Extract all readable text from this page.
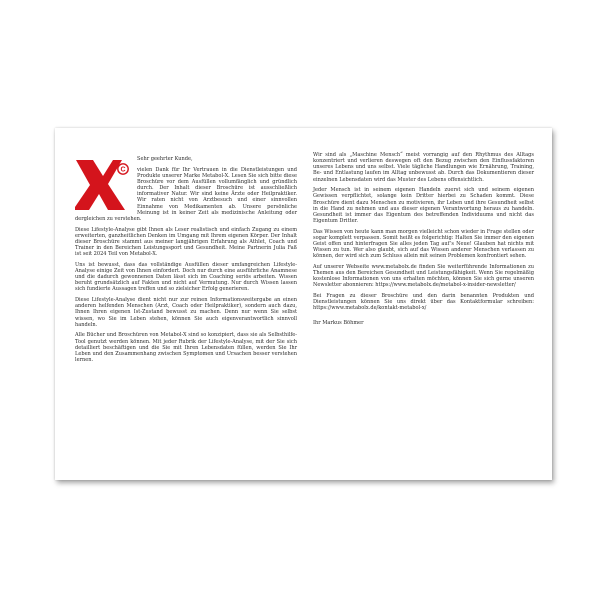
C

Sehr geehrter Kunde,

vielen Dank für Ihr Vertrauen in die Dienstleistungen und Produkte unserer Marke Metabol-X. Lesen Sie sich bitte diese Broschüre vor dem Ausfüllen vollumfänglich und gründlich durch. Der Inhalt dieser Broschüre ist ausschließlich informativer Natur. Wir sind keine Ärzte oder Heilpraktiker. Wir raten nicht von Arztbesuch und einer sinnvollen Einnahme von Medikamenten ab. Unsere persönliche Meinung ist in keiner Zeit als medizinische Anleitung oder dergleichen zu verstehen.

Diese Lifestyle-Analyse gibt Ihnen als Leser realistisch und einfach Zugang zu einem erweiterten, ganzheitlichen Denken im Umgang mit Ihrem eigenen Körper. Der Inhalt dieser Broschüre stammt aus meiner langjährigen Erfahrung als Athlet, Coach und Trainer in den Bereichen Leistungssport und Gesundheit. Meine Partnerin Julia Faß ist seit 2024 Teil von Metabol-X.

Uns ist bewusst, dass das vollständige Ausfüllen dieser umfangreichen Lifestyle-Analyse einige Zeit von Ihnen einfordert. Doch nur durch eine ausführliche Anamnese und die dadurch gewonnenen Daten lässt sich im Coaching seriös arbeiten. Wissen beruht grundsätzlich auf Fakten und nicht auf Vermutung. Nur durch Wissen lassen sich fundierte Aussagen treffen und so zielsicher Erfolg generieren.

Diese Lifestyle-Analyse dient nicht nur zur reinen Informationsweitergabe an einen anderen helfenden Menschen (Arzt, Coach oder Heilpraktiker), sondern auch dazu, Ihnen Ihren eigenen Ist-Zustand bewusst zu machen. Denn nur wenn Sie selbst wissen, wo Sie im Leben stehen, können Sie auch eigenverantwortlich sinnvoll handeln.

Alle Bücher und Broschüren von Metabol-X sind so konzipiert, dass sie als Selbsthilfe-Tool genutzt werden können. Mit jeder Rubrik der Lifestyle-Analyse, mit der Sie sich detailliert beschäftigen und die Sie mit Ihren Lebensdaten füllen, werden Sie Ihr Leben und den Zusammenhang zwischen Symptomen und Ursachen besser verstehen lernen.

Wir sind als „Maschine Mensch“ meist vorrangig auf den Rhythmus des Alltags konzentriert und verlieren deswegen oft den Bezug zwischen den Einflussfaktoren unseres Lebens und uns selbst. Viele tägliche Handlungen wie Ernährung, Training, Be- und Entlastung laufen im Alltag unbewusst ab. Durch das Dokumentieren dieser einzelnen Lebensdaten wird das Muster des Lebens offensichtlich.

Jeder Mensch ist in seinem eigenen Handeln zuerst sich und seinem eigenen Gewissen verpflichtet, solange kein Dritter hierbei zu Schaden kommt. Diese Broschüre dient dazu Menschen zu motivieren, ihr Leben und ihre Gesundheit selbst in die Hand zu nehmen und aus dieser eigenen Verantwortung heraus zu handeln. Gesundheit ist immer das Eigentum des betreffenden Individuums und nicht das Eigentum Dritter.

Das Wissen von heute kann man morgen vielleicht schon wieder in Frage stellen oder sogar komplett verpassen. Somit heißt es folgerichtig: Halten Sie immer den eigenen Geist offen und hinterfragen Sie alles jeden Tag auf’s Neue! Glauben hat nichts mit Wissen zu tun. Wer also glaubt, sich auf das Wissen anderer Menschen verlassen zu können, der wird sich zum Schluss allein mit seinen Problemen konfrontiert sehen.

Auf unserer Webseite www.metabolx.de finden Sie weiterführende Informationen zu Themen aus den Bereichen Gesundheit und Leistungsfähigkeit. Wenn Sie regelmäßig kostenlose Informationen von uns erhalten möchten, können Sie sich gerne unseren Newsletter abonnieren: https://www.metabolx.de/metabol-x-insider-newsletter/

Bei Fragen zu dieser Broschüre und den darin benannten Produkten und Dienstleistungen können Sie uns direkt über das Kontaktformular schreiben: https://www.metabolx.de/kontakt-metabol-x/

Ihr Markus Böhmer
